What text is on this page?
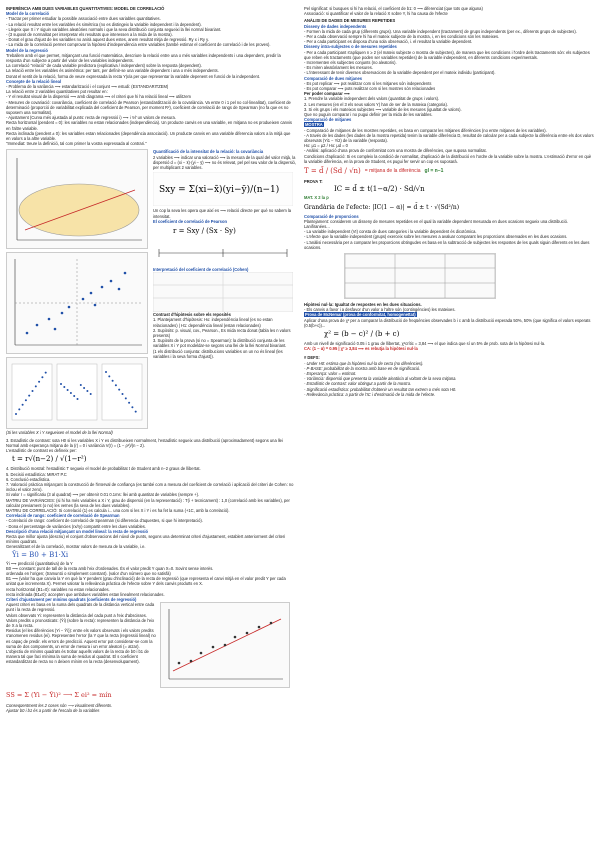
INFERÈNCIA AMB DUES VARIABLES QUANTITATIVES: MODEL DE CORRELACIÓ

Model de la correlació

- Tractar per primer estudiar la possible associació entre dues variables quantitatives.

- La relació resultat entre les variables és simètrica (no es distingeix la variable independent i la dependent).

- Llegeix que X i Y siguin variables aleatòries normals i que la seva distribució conjunta segueixi la llei normal bivariant.

- (3 suposit de normalitat per interpretar els resultats que interessen a la mida de la mostra).

- Donat el grau d'ajust de les variables no anirà aquest dues estes, anem resultat mitja de regressió. Ry x i Ry y.

- La mida de la correlació permet comprovar la hipòtesi d'independència entre variables (també estimar el coeficient de correlació i de les proves).

Model de la regressió

Treballem amb el que permet, mitjançant una funció matemàtica, descriure la relació entre una o més variables independents i una dependent, predir la resposta d'un subjecte a partir del valor de les variables independents.

La correlació "relació" de cada variable predictora (explicativa / independent) sobre la resposta (dependent).

La relació entre les variables és asimètrica: per tant, per definir-se una variable dependent i una o més independents.

Donat el sentit de la relació, forma de veure expressada la recta Y|x/a per que representar la variable depenent en funció de la independent.

Concepte de la relació lineal

- Problema de la variància ⟶ estandarització i el conjunt ⟶ estudi: (ESTANDARITZEM)

La relació entre 2 variables quantitatives pot resultar en:

- Y el resultat visual de la dispersió ⟶ amb diagrama ⟶ el criteri que hi ha relació lineal ⟶ utilitzem

- Mesures de covariació: covariància, coeficient de correlació de Pearson (estandardització de la covariància. Va entre 0 i 1 pel no col·linealitat), coeficient de determinació (proporció de variabilitat explicada del coeficient de Pearson, per moment R²), coeficient de correlació de rangs de Spearman (no fa que es no suposem una normalitat).

- Ajustament (Curva més ajustada al punts: recta de regressió i) ⟶ i 'el' un valors de mesura.

Recta horitzontal (pendent = 0): les variables no estan relacionades (independència). Un producte canvis en una variable, en mitjana no es produeixen canvis en l'altre variable.

Recta inclinada (pendent ≠ 0): les variables estan relacionades (dependència associació). Un producte canvis en una variable diferencia valors a la mitjà que en valors a la altre variable.

"Immediat: treure la definició, tal com primer la vostra expressada al contrari."

(Si les variables X i Y segueixen el model de la llei Normal)

Quantificació de la intensitat de la relació: la covariància

2 variables ⟶ indicar una valoració ⟶ la mesura de la qual del valor mitjà, la dispersió d = (xi − x̄)·(yi − ȳ) ⟶ no és relevat, pel pel seu valor de la dispersió, per multiplicant 2 variables.

Sxy = Σ(xi−x̄)(yi−ȳ)/(n−1)

Un cop la seva les opera que així es ⟶ relació directe per què no sabem la intensitat.

El coeficient de correlació de Pearson

r = Sxy / (Sx · Sy)

Interpretació del coeficient de correlació (Cohen)

Contrast d'hipòtesis sobre els reposités

1. Plantejament d'hipòtesis: Ho: independència lineal (es no estan relacionades) | H1: dependència lineal (estan relacionades)

2. Supòsits: p. visual, cov., Pearson., Es mida recta donat (tabla les n valors presents)

3. Supòsits de la prova (si no = Spearman): la distribució conjunta de les variables X i Y pot modeldar-se segons una llei de la llei Normal bivariant.

(1 els distribució conjunta: distribucions variables on un no és lineal (les variables i la seva forma d'ajust)).

3. Estadístic de contrast: sota H0 si les variables X i Y es distribueixen normalment, l'estadístic segueix una distribució (aproximadament) segons una llei Normal amb esperança mitjana de la (r) = 0 i variància V(r) = (1 − ρ²)/(n − 2).

L'estadístic de contrast es defineix per:

t = r√(n−2) / √(1−r²)

4. Distribució mostral: l'estadístic T segueix el model de probabilitat t de Student amb n−2 graus de llibertat.

5. Decisió estadística: MIRAT P.C

6. Conclusió estadística.

7. Valoració pràctica mitjançant la construcció de l'interval de confiança (es també com a mesura del coeficient de correlació i aplicació del criteri de Cohen: no inclou el valor zero).

Si valor r = significatiu (3 al quadrat) ⟶ per obtenir 0.01 0.1ms: llei amb quantitat de variables (sempre +).

MATRIU DE VARIÀNCIES: (si hi ha més variables a X i Y, grau de dispersió (en la representació) : T(i + tecnicament) : 1,0 (correlació amb les variables), per calcular previament (o no) les veïnes (la seva de les dues variables).

MATRIU DE CORRELACIÓ: Si correlació (1) es calcula i... una com si les X i Y i es ha fet la suma (+1C, amb la correlació).

Correlació de rangs: coeficient de correlació de Spearman

- Correlació de rangs: coeficient de correlació de Spearman (si diferencia d'aquestes, si que hi interpretació).

- Dona el percentatge de variàncies (rx/ry) compartit entre les dues variables.

Descripció d'una relació mitjançant un model lineal: la recta de regressió

Recta que millor ajusta (descriu) el conjunt d'observacions del núvol de punts, segons una determinat criteri d'ajustament, establert anteriorment del criteri mínims quadrats.

Generalitzant el de la correlació, mostrar valors de mesura de la variable, i.e.

Ŷi = B0 + B1·Xi

Ŷi ⟶ predicció (quantitativa) de la Y

B0 ⟶ constant: punt de tall de la recta amb l'eix d'ordenades. És el valor predit Y quan X=0. Sovint sense interès.

ordenada en l'origen; (tramuntó o simplement constant). (valor d'un número que no satisfà)

B1 ⟶ (valor ha que canvia la Y en què la Y pendent (grau d'inclinació) de la recta de regressió (que representa el canvi mitjà en el valor predit Y per cada unitat que incrementa X). Permet valorar la rellevància pràctica de l'efecte sobre Y dels canvis produïts en X.

recta horitzontal (B1=0): variables no estan relacionades.

recta inclinada (B1≠0): accepten que ambdues variables estan linealment relacionades.

Criteri d'ajustament per mínims quadrats (coeficients de regressió)

Aquest criteri es basa en la suma dels quadrats de la distància vertical entre cada punt i la recta de regressió.

Valors observats Yi: representen la distància del cada punt a l'eix d'abscisses.

Valors predits o pronosticats: (Ŷi) (sobre la recta): representen la distància de l'eix de X a la recta.

Residus (el les diferències (Yi − Ŷi)): entre els valors observats i els valors predits s'anomenen residus (ei). Representen l'error (la Y que la recta (regressió lineal) no es capaç de predir. els errors de predicció. Aquest error pot considerar-se com la suma de dos components, un error de mesura i un error aleatori (= atzar).

L'objectiu de mínims quadrats és trobar aquells valors de la recta de b0 i b1 de manera tal que faci mínima la suma de residus al quadrat. El s coeficient estandarditzat de recta no n deixen mínim en la recta (desenvolupament).

SS = Σ (Yi − Ŷi)² ⟶ Σ ei² = mín

Conseqüentment les 2 coses són ⟶ visualment diferents.

Ajustar b0 i b1 és a partir de l'escala de la variables

Pel significat: si busques si hi ha relació, el coeficient de b1: 0 ⟶ diferenciat (que tots que alguna)

Associació: si quantificar el valor de la relació X sobre Y, hi ha causa de l'efecte

ANÀLISI DE DADES DE MESURES REPETIDES

Disseny de dades independents

- Formen la mida de cada grup (diferents grups). Una variable independent (tractament) de grups independents (per ex., diferents grups de subjectes).

- Per a cada observació sempre hi ha el mateix subjecte de la mostra, i, en les condicions són les mateixes.

- Per a cada participant es disposa d'una sola observació, i. el resultat la variable dependent.

Disseny intra-subjectes o de mesures repetides

- Per a cada participant s'apliquen n ≥ 2 (el mateix subjecte o mostra de subjectes), de manera que les condicions i l'ordre dels tractaments són: els subjectes que reben els tractaments (que poden ser variables repetides) de la variable independent, en diferents condicions experimentals.

- Incrementen els subjectes conjunts (no aleatoris).

- Es miren aleatòriament les mesures.

- L'interessant de tenir diverses observacions de la variable dependent per el mateix individu (participant).

Comparació de dues mitjanes

- Es pot replicar ⟶ pot realitzar com si les mitjanes són independents

- Es pot comparar ⟶ pots realitzar com si les mostres són relacionades

Per poder comparar ⟶

1. Prendre la variable independent dels valors (quantitat de grups i valors).

2. Les mesures (en el 3 els seus valors Y) han de ser de la mateixa (categoria).

3. Si els grups i els mateixos subjectes ⟶ variable de les mesures (igualtat de valors).

Que no puguin comparar i no pugui definir per la mida de les variables.

Comparació de mitjanes

MOSTRA

- Comparació de mitjanes de les mostres repetides, es basa en comparar les mitjanes diferències (no entre mitjanes de les variables).

- A través de les dades (les dades de la mostra repetida) tenim la variable diferència D, resultat de calcular per a cada subjecte la diferència entre els dos valors observats (Yi1 − Yi2) de la variable (resposta).

Ho: μ1 = μ2 / Ho: μd = 0

- Anàlisi: aplicació d'una prova de conformitat com una mostra de diferències, que suposa normalitat.

Condicions d'aplicació: Si es compleix la condició de normalitat, d'aplicació de la distribució en l'ordre de la variable sobre la mostra. L'estimació d'error en què la variable diferència, en la prova de Student, es pugui fer servir un cop es suposarà.

T = d̄ / (Sd / √n) = mitjana de la diferència gl = n−1

PROVA T:

IC = d̄ ± t(1−α/2) · Sd/√n

MAT. X 2 la p

Grandària de l'efecte: |IC(1 − α)| = d̄ ± t · √(Sd²/n)

Comparació de proporcions

Plantejament: considerem un disseny de mesures repetides en el qual la variable dependent mesurada en dues ocasions segueix una distribució. Lanifiranées...

- La variable independent (VI) consta de dues categories i la variable dependent és dicotòmica.

- L'efecte que la variable independent (grups) exerceix sobre les mesures a avaluar comparant les proporcions observades en les dues ocasions.

- L'anàlisi necessària per a comparar les proporcions obtingudes es basa en la subtracció de subjectes les respostes de les quals siguin diferents en les dues ocasions.

Hipòtesi nul·la: Igualtat de respostes en les dues situacions.

- Els canvis a favor i a desfavor d'un valor a l'altre són (contingències) les mateixes.

Prova de McNemar (prova de conformitat, homogeneïtat)

Aplicar d'una prova de χ² per a comparar la distribució de freqüències observades b i c amb la distribució esperada 50%, 50% (que significa el valors esperats (0.5(b+c))...

χ² = (b − c)² / (b + c)

Amb un nivell de significació 0.05 i 1 grau de llibertat, χ²crític = 3,84 ⟶ el que indica que sí un 5% de prob. sota de la hipòtesi nul·la.

CA: (1 − α) = 0.95 | χ² ≥ 3,84 ⟶ es rebutja la hipòtesi nul·la

# DEFS:

- Under H0: estima que la hipòtesi nul·la de certa (no diferències).

- P-BASE: probabilitat de la mostra amb base en de significació.

- Esperança: valor = estimat.

- Variància: dispersió que presenta la variable aleatòria al voltant de la seva mitjana.

- Estadístic de contrast: valor obtingut a partir de la mostra.

- Significació estadística: probabilitat d'obtenir un resultat tan extrem o més sota H0.

- Rellevància pràctica: a partir de l'IC i d'estimació de la mida de l'efecte.
